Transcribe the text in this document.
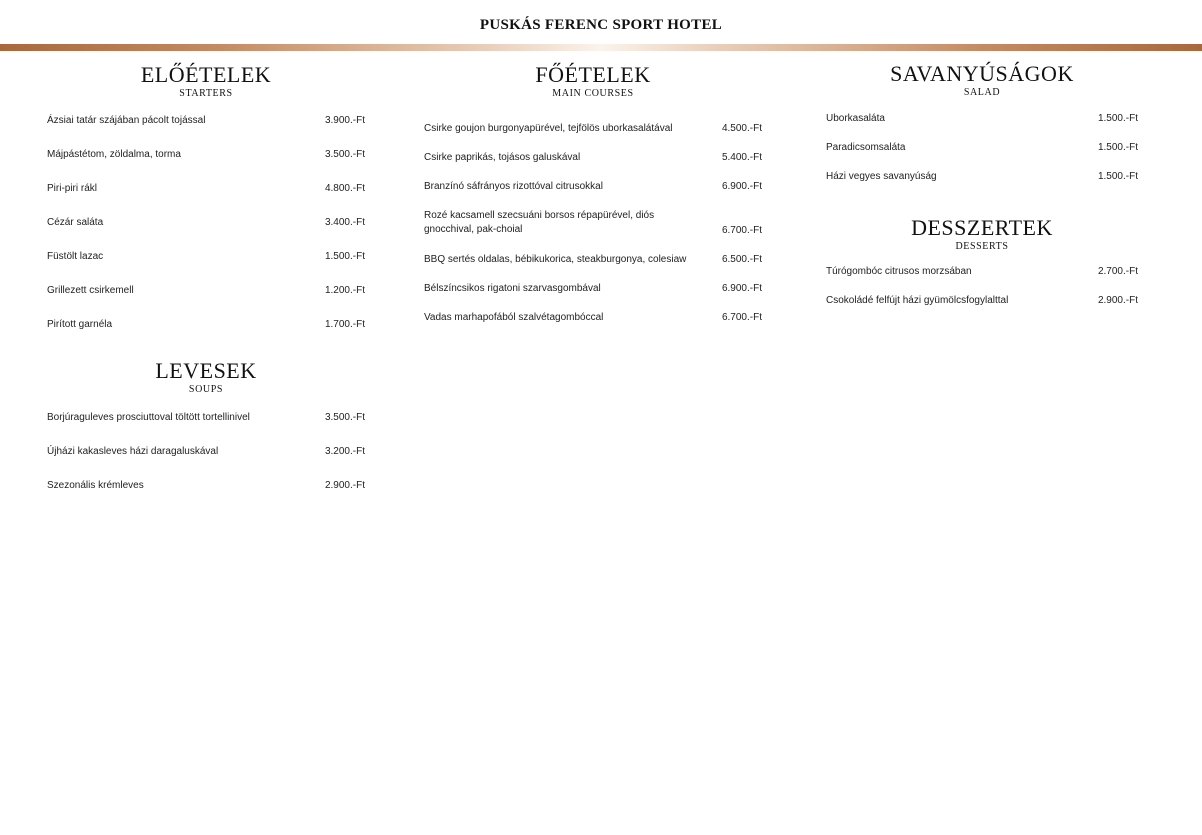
PUSKÁS FERENC SPORT HOTEL
ELŐÉTELEK
STARTERS
Ázsiai tatár szájában pácolt tojással	3.900.-Ft
Májpástétom, zöldalma, torma	3.500.-Ft
Piri-piri rákl	4.800.-Ft
Cézár saláta	3.400.-Ft
Füstölt lazac	1.500.-Ft
Grillezett csirkemell	1.200.-Ft
Pirított garnéla	1.700.-Ft
LEVESEK
SOUPS
Borjúraguleves prosciuttoval töltött tortellinivel	3.500.-Ft
Újházi kakasleves házi daragaluskával	3.200.-Ft
Szezonális krémleves	2.900.-Ft
FŐÉTELEK
MAIN COURSES
Csirke goujon burgonyapürével, tejfölös uborkasalátával	4.500.-Ft
Csirke paprikás, tojásos galuskával	5.400.-Ft
Branzínó sáfrányos rizottóval citrusokkal	6.900.-Ft
Rozé kacsamell szecsuáni borsos répapürével, diós gnocchival, pak-choial	6.700.-Ft
BBQ sertés oldalas, bébikukorica, steakburgonya, colesiaw	6.500.-Ft
Bélszíncsikos rigatoni szarvasgombával	6.900.-Ft
Vadas marhapofából szalvétagombóccal	6.700.-Ft
SAVANYÚSÁGOK
SALAD
Uborkasaláta	1.500.-Ft
Paradicsomsaláta	1.500.-Ft
Házi vegyes savanyúság	1.500.-Ft
DESSZERTEK
DESSERTS
Túrógombóc citrusos morzsában	2.700.-Ft
Csokoládé felfújt házi gyümölcsfogylalttal	2.900.-Ft
